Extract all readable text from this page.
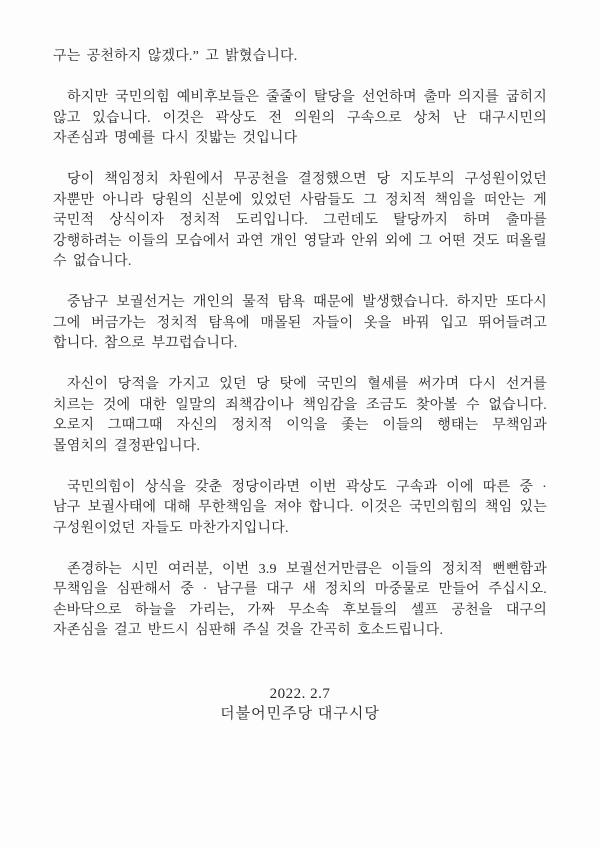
구는 공천하지 않겠다.” 고 밝혔습니다.

하지만 국민의힘 예비후보들은 줄줄이 탈당을 선언하며 출마 의지를 굽히지 않고 있습니다. 이것은 곽상도 전 의원의 구속으로 상처 난 대구시민의 자존심과 명예를 다시 짓밟는 것입니다

당이 책임정치 차원에서 무공천을 결정했으면 당 지도부의 구성원이었던 자뿐만 아니라 당원의 신분에 있었던 사람들도 그 정치적 책임을 떠안는 게 국민적 상식이자 정치적 도리입니다. 그런데도 탈당까지 하며 출마를 강행하려는 이들의 모습에서 과연 개인 영달과 안위 외에 그 어떤 것도 떠올릴 수 없습니다.

중남구 보궐선거는 개인의 물적 탐욕 때문에 발생했습니다. 하지만 또다시 그에 버금가는 정치적 탐욕에 매몰된 자들이 옷을 바꿔 입고 뛰어들려고 합니다. 참으로 부끄럽습니다.

자신이 당적을 가지고 있던 당 탓에 국민의 혈세를 써가며 다시 선거를 치르는 것에 대한 일말의 죄책감이나 책임감을 조금도 찾아볼 수 없습니다. 오로지 그때그때 자신의 정치적 이익을 좇는 이들의 행태는 무책임과 몰염치의 결정판입니다.

국민의힘이 상식을 갖춘 정당이라면 이번 곽상도 구속과 이에 따른 중 · 남구 보궐사태에 대해 무한책임을 져야 합니다. 이것은 국민의힘의 책임 있는 구성원이었던 자들도 마찬가지입니다.

존경하는 시민 여러분, 이번 3.9 보궐선거만큼은 이들의 정치적 뻔뻔함과 무책임을 심판해서 중 · 남구를 대구 새 정치의 마중물로 만들어 주십시오. 손바닥으로 하늘을 가리는, 가짜 무소속 후보들의 셀프 공천을 대구의 자존심을 걸고 반드시 심판해 주실 것을 간곡히 호소드립니다.

2022. 2.7

더불어민주당 대구시당
